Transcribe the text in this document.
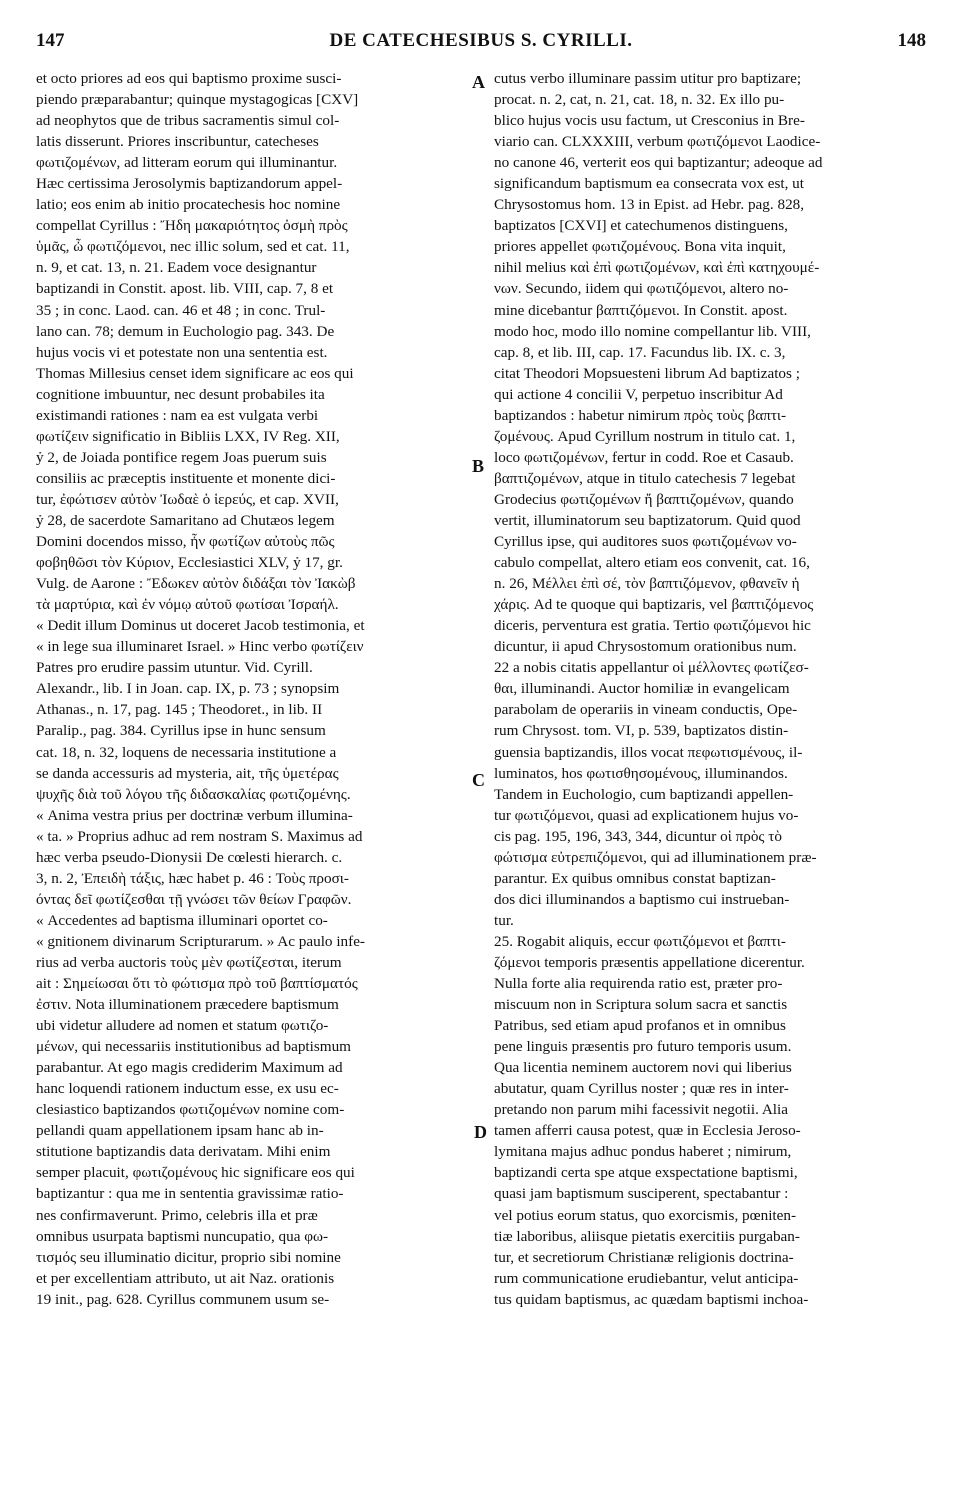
147	DE CATECHESIBUS S. CYRILLI.	148

et octo priores ad eos qui baptismo proxime susci-
piendo præparabantur; quinque mystagogicas [CXV]
ad neophytos que de tribus sacramentis simul col-
latis disserunt. Priores inscribuntur, catecheses
φωτιζομένων, ad litteram eorum qui illuminantur.
Hæc certissima Jerosolymis baptizandorum appel-
latio; eos enim ab initio procatechesis hoc nomine
compellat Cyrillus : Ἤδη μακαριότητος ὀσμὴ πρὸς
ὑμᾶς, ὦ φωτιζόμενοι, nec illic solum, sed et cat. 11,
n. 9, et cat. 13, n. 21. Eadem voce designantur
baptizandi in Constit. apost. lib. VIII, cap. 7, 8 et
35 ; in conc. Laod. can. 46 et 48 ; in conc. Trul-
lano can. 78; demum in Euchologio pag. 343. De
hujus vocis vi et potestate non una sententia est.
Thomas Millesius censet idem significare ac eos qui
cognitione imbuuntur, nec desunt probabiles ita
existimandi rationes : nam ea est vulgata verbi
φωτίζειν significatio in Bibliis LXX, IV Reg. XII,
ỷ 2, de Joiada pontifice regem Joas puerum suis
consiliis ac præceptis instituente et monente dici-
tur, ἐφώτισεν αὐτὸν Ἰωδαὲ ὁ ἱερεύς, et cap. XVII,
ỷ 28, de sacerdote Samaritano ad Chutæos legem
Domini docendos misso, ἦν φωτίζων αὐτοὺς πῶς
φοβηθῶσι τὸν Κύριον, Ecclesiastici XLV, ỷ 17, gr.
Vulg. de Aarone : Ἔδωκεν αὐτὸν διδάξαι τὸν Ἰακὼβ
τὰ μαρτύρια, καὶ ἐν νόμῳ αὐτοῦ φωτίσαι Ἰσραήλ.
« Dedit illum Dominus ut doceret Jacob testimonia, et
« in lege sua illuminaret Israel. » Hinc verbo φωτίζειν
Patres pro erudire passim utuntur. Vid. Cyrill.
Alexandr., lib. I in Joan. cap. IX, p. 73 ; synopsim
Athanas., n. 17, pag. 145 ; Theodoret., in lib. II
Paralip., pag. 384. Cyrillus ipse in hunc sensum
cat. 18, n. 32, loquens de necessaria institutione a
se danda accessuris ad mysteria, ait, τῆς ὑμετέρας
ψυχῆς διὰ τοῦ λόγου τῆς διδασκαλίας φωτιζομένης.
« Anima vestra prius per doctrinæ verbum illumina-
« ta. » Proprius adhuc ad rem nostram S. Maximus ad
hæc verba pseudo-Dionysii De cœlesti hierarch. c.
3, n. 2, Ἐπειδὴ τάξις, hæc habet p. 46 : Τοὺς προσι-
όντας δεῖ φωτίζεσθαι τῇ γνώσει τῶν θείων Γραφῶν.
« Accedentes ad baptisma illuminari oportet co-
« gnitionem divinarum Scripturarum. » Ac paulo infe-
rius ad verba auctoris τοὺς μὲν φωτίζεσται, iterum
ait : Σημείωσαι ὅτι τὸ φώτισμα πρὸ τοῦ βαπτίσματός
ἐστιν. Nota illuminationem præcedere baptismum
ubi videtur alludere ad nomen et statum φωτιζο-
μένων, qui necessariis institutionibus ad baptismum
parabantur. At ego magis crediderim Maximum ad
hanc loquendi rationem inductum esse, ex usu ec-
clesiastico baptizandos φωτιζομένων nomine com-
pellandi quam appellationem ipsam hanc ab in-
stitutione baptizandis data derivatam. Mihi enim
semper placuit, φωτιζομένους hic significare eos qui
baptizantur : qua me in sententia gravissimæ ratio-
nes confirmaverunt. Primo, celebris illa et præ
omnibus usurpata baptismi nuncupatio, qua φω-
τισμός seu illuminatio dicitur, proprio sibi nomine
et per excellentiam attributo, ut ait Naz. orationis
19 init., pag. 628. Cyrillus communem usum se-

A
B
C
D

cutus verbo illuminare passim utitur pro baptizare;
procat. n. 2, cat, n. 21, cat. 18, n. 32. Ex illo pu-
blico hujus vocis usu factum, ut Cresconius in Bre-
viario can. CLXXXIII, verbum φωτιζόμενοι Laodice-
no canone 46, verterit eos qui baptizantur; adeoque ad
significandum baptismum ea consecrata vox est, ut
Chrysostomus hom. 13 in Epist. ad Hebr. pag. 828,
baptizatos [CXVI] et catechumenos distinguens,
priores appellet φωτιζομένους. Bona vita inquit,
nihil melius καὶ ἐπὶ φωτιζομένων, καὶ ἐπὶ κατηχουμέ-
νων. Secundo, iidem qui φωτιζόμενοι, altero no-
mine dicebantur βαπτιζόμενοι. In Constit. apost.
modo hoc, modo illo nomine compellantur lib. VIII,
cap. 8, et lib. III, cap. 17. Facundus lib. IX. c. 3,
citat Theodori Mopsuesteni librum Ad baptizatos ;
qui actione 4 concilii V, perpetuo inscribitur Ad
baptizandos : habetur nimirum πρὸς τοὺς βαπτι-
ζομένους. Apud Cyrillum nostrum in titulo cat. 1,
loco φωτιζομένων, fertur in codd. Roe et Casaub.
βαπτιζομένων, atque in titulo catechesis 7 legebat
Grodecius φωτιζομένων ἤ βαπτιζομένων, quando
vertit, illuminatorum seu baptizatorum. Quid quod
Cyrillus ipse, qui auditores suos φωτιζομένων vo-
cabulo compellat, altero etiam eos convenit, cat. 16,
n. 26, Μέλλει ἐπὶ σέ, τὸν βαπτιζόμενον, φθανεῖν ἡ
χάρις. Ad te quoque qui baptizaris, vel βαπτιζόμενος
diceris, perventura est gratia. Tertio φωτιζόμενοι hic
dicuntur, ii apud Chrysostomum orationibus num.
22 a nobis citatis appellantur οἱ μέλλοντες φωτίζεσ-
θαι, illuminandi. Auctor homiliæ in evangelicam
parabolam de operariis in vineam conductis, Ope-
rum Chrysost. tom. VI, p. 539, baptizatos distin-
guensia baptizandis, illos vocat πεφωτισμένους, il-
luminatos, hos φωτισθησομένους, illuminandos.
Tandem in Euchologio, cum baptizandi appellen-
tur φωτιζόμενοι, quasi ad explicationem hujus vo-
cis pag. 195, 196, 343, 344, dicuntur οἱ πρὸς τὸ
φώτισμα εὐτρεπιζόμενοι, qui ad illuminationem præ-
parantur. Ex quibus omnibus constat baptizan-
dos dici illuminandos a baptismo cui instrueban-
tur.
25. Rogabit aliquis, eccur φωτιζόμενοι et βαπτι-
ζόμενοι temporis præsentis appellatione dicerentur.
Nulla forte alia requirenda ratio est, præter pro-
miscuum non in Scriptura solum sacra et sanctis
Patribus, sed etiam apud profanos et in omnibus
pene linguis præsentis pro futuro temporis usum.
Qua licentia neminem auctorem novi qui liberius
abutatur, quam Cyrillus noster ; quæ res in inter-
pretando non parum mihi facessivit negotii. Alia
tamen afferri causa potest, quæ in Ecclesia Jeroso-
lymitana majus adhuc pondus haberet ; nimirum,
baptizandi certa spe atque exspectatione baptismi,
quasi jam baptismum susciperent, spectabantur :
vel potius eorum status, quo exorcismis, pœniten-
tiæ laboribus, aliisque pietatis exercitiis purgaban-
tur, et secretiorum Christianæ religionis doctrina-
rum communicatione erudiebantur, velut anticipa-
tus quidam baptismus, ac quædam baptismi inchoa-
